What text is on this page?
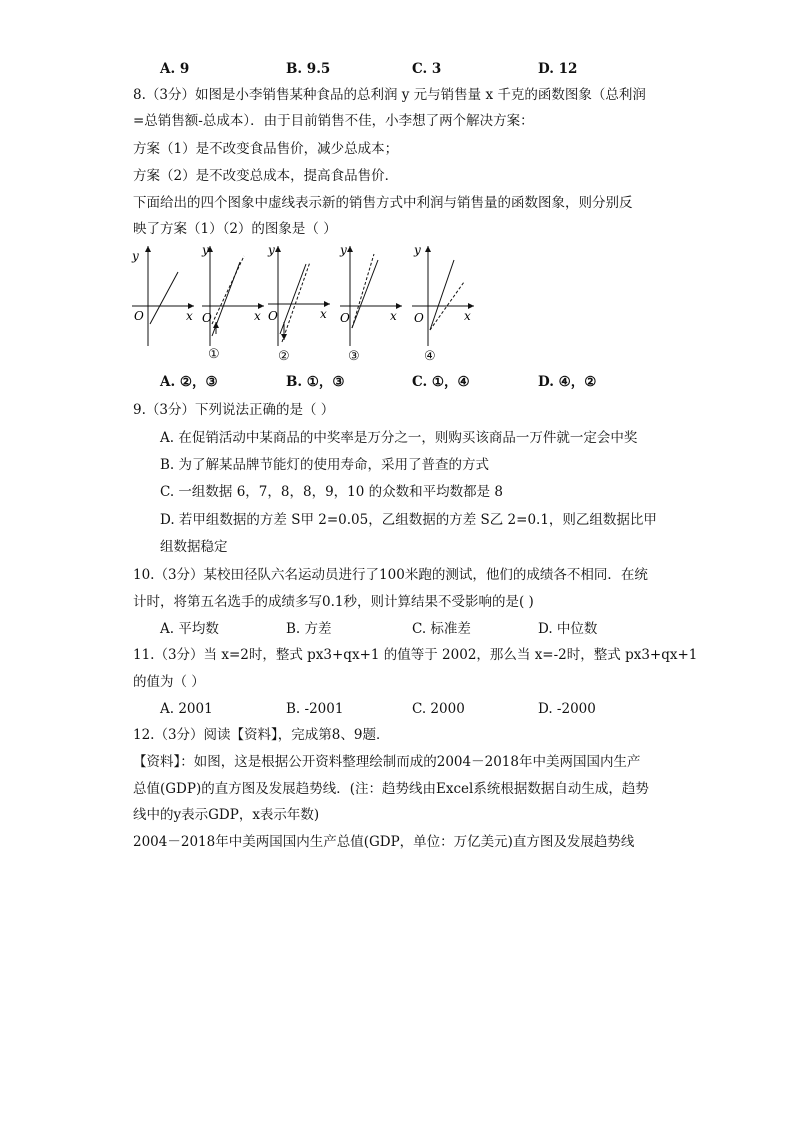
A. 9	B. 9.5	C. 3	D. 12
8.（3分）如图是小李销售某种食品的总利润 y 元与销售量 x 千克的函数图象（总利润
=总销售额-总成本）．由于目前销售不佳，小李想了两个解决方案：
方案（1）是不改变食品售价，减少总成本；
方案（2）是不改变总成本，提高食品售价．
下面给出的四个图象中虚线表示新的销售方式中利润与销售量的函数图象，则分别反
映了方案（1）（2）的图象是（ ）
y
O	x
y
O	x
①
y
O	x
②
y
O	x
③
y
O	x
④
A. ②，③	B. ①，③	C. ①，④	D. ④，②
9.（3分）下列说法正确的是（ ）
A. 在促销活动中某商品的中奖率是万分之一，则购买该商品一万件就一定会中奖
B. 为了解某品牌节能灯的使用寿命，采用了普查的方式
C. 一组数据 6，7，8，8，9，10 的众数和平均数都是 8
D. 若甲组数据的方差 S甲 2=0.05，乙组数据的方差 S乙 2=0.1，则乙组数据比甲
组数据稳定
10.（3分）某校田径队六名运动员进行了100米跑的测试，他们的成绩各不相同．在统
计时，将第五名选手的成绩多写0.1秒，则计算结果不受影响的是( )
A. 平均数	B. 方差	C. 标准差	D. 中位数
11.（3分）当 x=2时，整式 px3+qx+1 的值等于 2002，那么当 x=-2时，整式 px3+qx+1
的值为（ ）
A. 2001	B. -2001	C. 2000	D. -2000
12.（3分）阅读【资料】，完成第8、9题．
【资料】：如图，这是根据公开资料整理绘制而成的2004－2018年中美两国国内生产
总值(GDP)的直方图及发展趋势线．(注：趋势线由Excel系统根据数据自动生成，趋势
线中的y表示GDP，x表示年数)
2004－2018年中美两国国内生产总值(GDP，单位：万亿美元)直方图及发展趋势线
